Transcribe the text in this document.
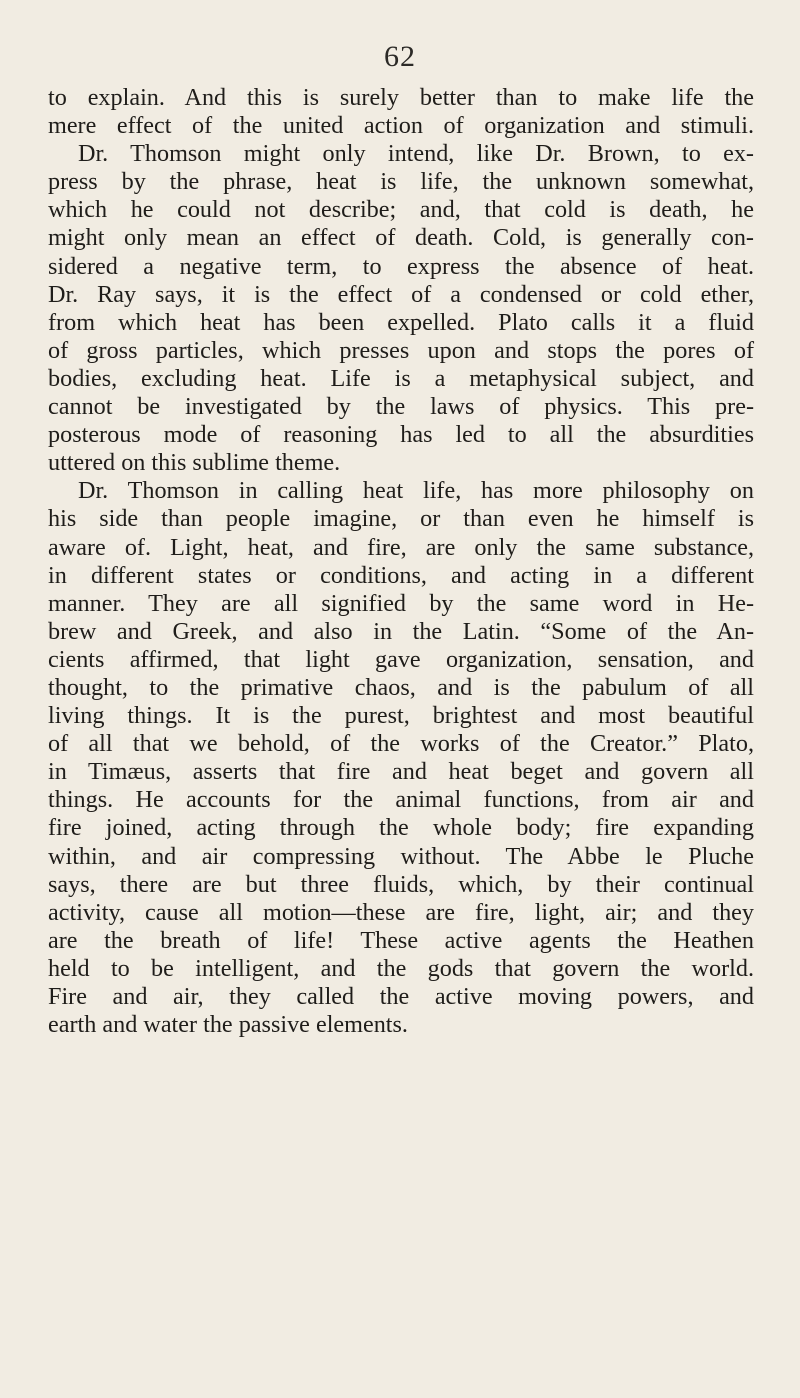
62
to explain. And this is surely better than to make life the
mere effect of the united action of organization and stimuli.
Dr. Thomson might only intend, like Dr. Brown, to ex-
press by the phrase, heat is life, the unknown somewhat,
which he could not describe; and, that cold is death, he
might only mean an effect of death. Cold, is generally con-
sidered a negative term, to express the absence of heat.
Dr. Ray says, it is the effect of a condensed or cold ether,
from which heat has been expelled. Plato calls it a fluid
of gross particles, which presses upon and stops the pores of
bodies, excluding heat. Life is a metaphysical subject, and
cannot be investigated by the laws of physics. This pre-
posterous mode of reasoning has led to all the absurdities
uttered on this sublime theme.
Dr. Thomson in calling heat life, has more philosophy on
his side than people imagine, or than even he himself is
aware of. Light, heat, and fire, are only the same substance,
in different states or conditions, and acting in a different
manner. They are all signified by the same word in He-
brew and Greek, and also in the Latin. “Some of the An-
cients affirmed, that light gave organization, sensation, and
thought, to the primative chaos, and is the pabulum of all
living things. It is the purest, brightest and most beautiful
of all that we behold, of the works of the Creator.” Plato,
in Timæus, asserts that fire and heat beget and govern all
things. He accounts for the animal functions, from air and
fire joined, acting through the whole body; fire expanding
within, and air compressing without. The Abbe le Pluche
says, there are but three fluids, which, by their continual
activity, cause all motion—these are fire, light, air; and they
are the breath of life! These active agents the Heathen
held to be intelligent, and the gods that govern the world.
Fire and air, they called the active moving powers, and
earth and water the passive elements.
